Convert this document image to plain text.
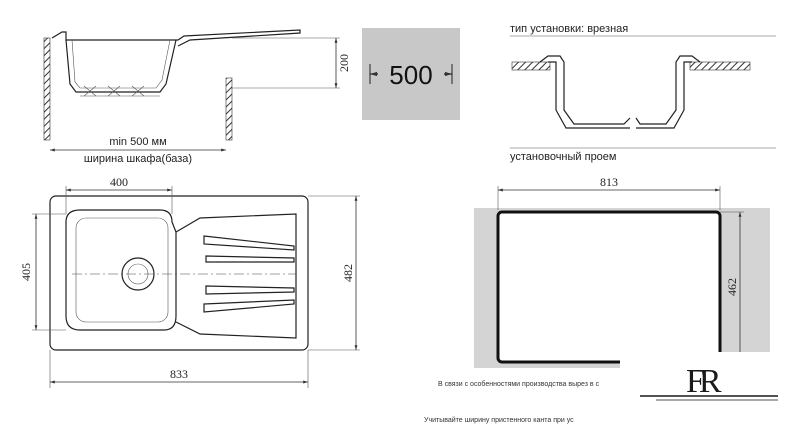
200
min 500 мм
ширина шкафа(база)
500
тип установки: врезная
установочный проем
813
462
400
405	482
833
В связи с особенностями производства вырез в с
Учитывайте ширину пристенного канта при ус
FR
